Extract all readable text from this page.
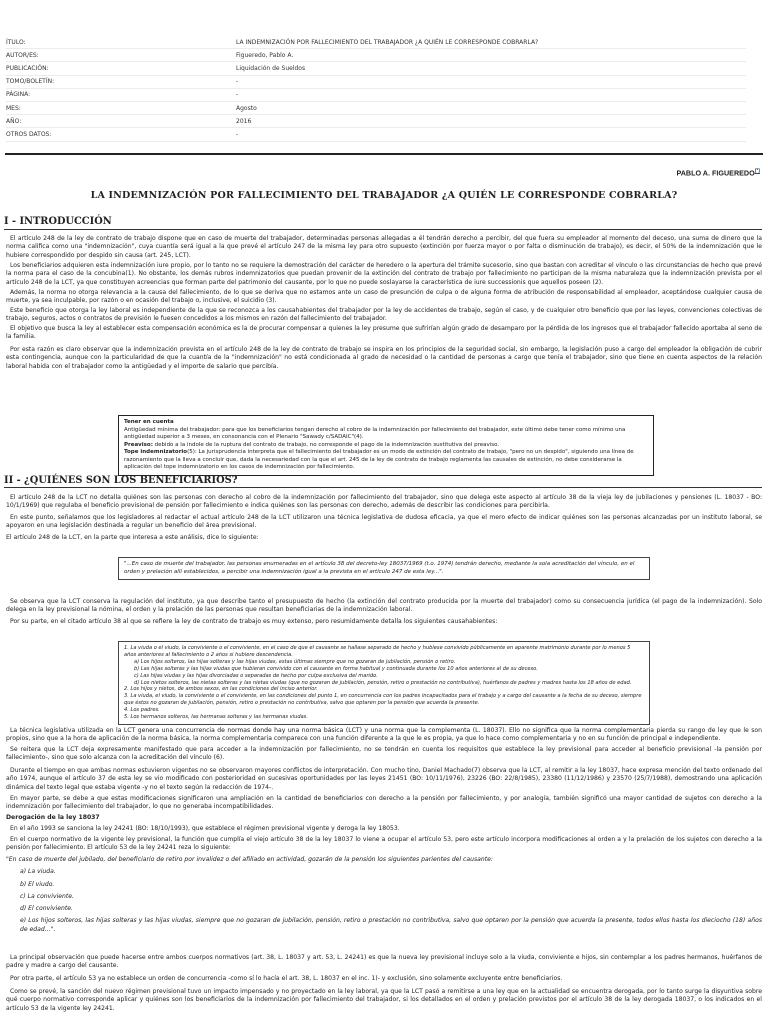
ÍTULO:	LA INDEMNIZACIÓN POR FALLECIMIENTO DEL TRABAJADOR ¿A QUIÉN LE CORRESPONDE COBRARLA?
AUTOR/ES:	Figueredo, Pablo A.
PUBLICACIÓN:	Liquidación de Sueldos
TOMO/BOLETÍN:	-
PÁGINA:	-
MES:	Agosto
AÑO:	2016
OTROS DATOS:	-
PABLO A. FIGUEREDO(*)
LA INDEMNIZACIÓN POR FALLECIMIENTO DEL TRABAJADOR ¿A QUIÉN LE CORRESPONDE COBRARLA?
I - INTRODUCCIÓN
El artículo 248 de la ley de contrato de trabajo dispone que en caso de muerte del trabajador, determinadas personas allegadas a él tendrán derecho a percibir, del que fuera su empleador al momento del deceso, una suma de dinero que la norma califica como una "indemnización", cuya cuantía será igual a la que prevé el artículo 247 de la misma ley para otro supuesto (extinción por fuerza mayor o por falta o disminución de trabajo), es decir, el 50% de la indemnización que le hubiere correspondido por despido sin causa (art. 245, LCT).
Los beneficiarios adquieren esta indemnización iure propio, por lo tanto no se requiere la demostración del carácter de heredero o la apertura del trámite sucesorio, sino que bastan con acreditar el vínculo o las circunstancias de hecho que prevé la norma para el caso de la concubina(1). No obstante, los demás rubros indemnizatorios que puedan provenir de la extinción del contrato de trabajo por fallecimiento no participan de la misma naturaleza que la indemnización prevista por el artículo 248 de la LCT, ya que constituyen acreencias que forman parte del patrimonio del causante, por lo que no puede soslayarse la característica de iure successionis que aquellos poseen (2).
Además, la norma no otorga relevancia a la causa del fallecimiento, de lo que se deriva que no estamos ante un caso de presunción de culpa o de alguna forma de atribución de responsabilidad al empleador, aceptándose cualquier causa de muerte, ya sea inculpable, por razón o en ocasión del trabajo o, inclusive, el suicidio (3).
Este beneficio que otorga la ley laboral es independiente de la que se reconozca a los causahabientes del trabajador por la ley de accidentes de trabajo, según el caso, y de cualquier otro beneficio que por las leyes, convenciones colectivas de trabajo, seguros, actos o contratos de previsión le fuesen concedidos a los mismos en razón del fallecimiento del trabajador.
El objetivo que busca la ley al establecer esta compensación económica es la de procurar compensar a quienes la ley presume que sufrirían algún grado de desamparo por la pérdida de los ingresos que el trabajador fallecido aportaba al seno de la familia.
Por esta razón es claro observar que la indemnización prevista en el artículo 248 de la ley de contrato de trabajo se inspira en los principios de la seguridad social, sin embargo, la legislación puso a cargo del empleador la obligación de cubrir esta contingencia, aunque con la particularidad de que la cuantía de la "indemnización" no está condicionada al grado de necesidad o la cantidad de personas a cargo que tenía el trabajador, sino que tiene en cuenta aspectos de la relación laboral habida con el trabajador como la antigüedad y el importe de salario que percibía.
Tener en cuenta
Antigüedad mínima del trabajador: para que los beneficiarios tengan derecho al cobro de la indemnización por fallecimiento del trabajador, este último debe tener como mínimo una antigüedad superior a 3 meses, en consonancia con el Plenario "Sawady c/SADAIC"(4).
Preaviso: debido a la índole de la ruptura del contrato de trabajo, no corresponde el pago de la indemnización sustitutiva del preaviso.
Tope indemnizatorio(5): La jurisprudencia interpreta que el fallecimiento del trabajador es un modo de extinción del contrato de trabajo, "pero no un despido", siguiendo una línea de razonamiento que la lleva a concluir que, dada la necesariedad con la que el art. 245 de la ley de contrato de trabajo reglamenta las causales de extinción, no debe considerarse la aplicación del tope indemnizatorio en los casos de indemnización por fallecimiento.
II - ¿QUIÉNES SON LOS BENEFICIARIOS?
El artículo 248 de la LCT no detalla quiénes son las personas con derecho al cobro de la indemnización por fallecimiento del trabajador, sino que delega este aspecto al artículo 38 de la vieja ley de jubilaciones y pensiones (L. 18037 - BO: 10/1/1969) que regulaba el beneficio previsional de pensión por fallecimiento e indica quiénes son las personas con derecho, además de describir las condiciones para percibirla.
En este punto, señalamos que los legisladores al redactar el actual artículo 248 de la LCT utilizaron una técnica legislativa de dudosa eficacia, ya que el mero efecto de indicar quiénes son las personas alcanzadas por un instituto laboral, se apoyaron en una legislación destinada a regular un beneficio del área previsional.
El artículo 248 de la LCT, en la parte que interesa a este análisis, dice lo siguiente:
"...En caso de muerte del trabajador, las personas enumeradas en el artículo 38 del decreto-ley 18037/1969 (t.o. 1974) tendrán derecho, mediante la sola acreditación del vínculo, en el orden y prelación allí establecidos, a percibir una indemnización igual a la prevista en el artículo 247 de esta ley...".
Se observa que la LCT conserva la regulación del instituto, ya que describe tanto el presupuesto de hecho (la extinción del contrato producida por la muerte del trabajador) como su consecuencia jurídica (el pago de la indemnización). Solo delega en la ley previsional la nómina, el orden y la prelación de las personas que resultan beneficiarias de la indemnización laboral.
Por su parte, en el citado artículo 38 al que se refiere la ley de contrato de trabajo es muy extenso, pero resumidamente detalla los siguientes causahabientes:
1. La viuda o el viudo, la conviviente o el conviviente, en el caso de que el causante se hallase separado de hecho y hubiese convivido públicamente en aparente matrimonio durante por lo menos 5 años anteriores al fallecimiento o 2 años si hubiere descendencia.
a) Los hijos solteros, las hijas solteras y las hijas viudas, estas últimas siempre que no gozaran de jubilación, pensión o retiro.
b) Las hijas solteras y las hijas viudas que hubieran convivido con el causante en forma habitual y continuada durante los 10 años anteriores al de su deceso.
c) Las hijas viudas y las hijas divorciadas o separadas de hecho por culpa exclusiva del marido.
d) Los nietos solteros, las nietas solteras y las nietas viudas (que no gozaran de jubilación, pensión, retiro o prestación no contributiva), huérfanos de padres y madres hasta los 18 años de edad.
2. Los hijos y nietos, de ambos sexos, en las condiciones del inciso anterior.
3. La viuda, el viudo, la conviviente o el conviviente, en las condiciones del punto 1, en concurrencia con los padres incapacitados para el trabajo y a cargo del causante a la fecha de su deceso, siempre que éstos no gozaran de jubilación, pensión, retiro o prestación no contributiva, salvo que optaren por la pensión que acuerda la presente.
4. Los padres.
5. Los hermanos solteros, las hermanas solteras y las hermanas viudas.
La técnica legislativa utilizada en la LCT genera una concurrencia de normas donde hay una norma básica (LCT) y una norma que la complementa (L. 18037). Ello no significa que la norma complementaria pierda su rango de ley que le son propios, sino que a la hora de aplicación de la norma básica, la norma complementaria comparece con una función diferente a la que le es propia, ya que lo hace como complementaria y no en su función de principal e independiente.
Se reitera que la LCT deja expresamente manifestado que para acceder a la indemnización por fallecimiento, no se tendrán en cuenta los requisitos que establece la ley previsional para acceder al beneficio previsional -la pensión por fallecimiento-, sino que solo alcanza con la acreditación del vínculo (6).
Durante el tiempo en que ambas normas estuvieron vigentes no se observaron mayores conflictos de interpretación. Con mucho tino, Daniel Machado(7) observa que la LCT, al remitir a la ley 18037, hace expresa mención del texto ordenado del año 1974, aunque el artículo 37 de esta ley se vio modificado con posterioridad en sucesivas oportunidades por las leyes 21451 (BO: 10/11/1976), 23226 (BO: 22/8/1985), 23380 (11/12/1986) y 23570 (25/7/1988), demostrando una aplicación dinámica del texto legal que estaba vigente -y no el texto según la redacción de 1974-.
En mayor parte, se debe a que estas modificaciones significaron una ampliación en la cantidad de beneficiarios con derecho a la pensión por fallecimiento, y por analogía, también significó una mayor cantidad de sujetos con derecho a la indemnización por fallecimiento del trabajador, lo que no generaba incompatibilidades.
Derogación de la ley 18037
En el año 1993 se sanciona la ley 24241 (BO: 18/10/1993), que establece el régimen previsional vigente y deroga la ley 18053.
En el cuerpo normativo de la vigente ley previsional, la función que cumplía el viejo artículo 38 de la ley 18037 lo viene a ocupar el artículo 53, pero este artículo incorpora modificaciones al orden a y la prelación de los sujetos con derecho a la pensión por fallecimiento. El artículo 53 de la ley 24241 reza lo siguiente:
"En caso de muerte del jubilado, del beneficiario de retiro por invalidez o del afiliado en actividad, gozarán de la pensión los siguientes parientes del causante:
a) La viuda.
b) El viudo.
c) La conviviente.
d) El conviviente.
e) Los hijos solteros, las hijas solteras y las hijas viudas, siempre que no gozaran de jubilación, pensión, retiro o prestación no contributiva, salvo que optaren por la pensión que acuerda la presente, todos ellos hasta los dieciocho (18) años de edad...".
La principal observación que puede hacerse entre ambos cuerpos normativos (art. 38, L. 18037 y art. 53, L. 24241) es que la nueva ley previsional incluye solo a la viuda, conviviente e hijos, sin contemplar a los padres hermanos, huérfanos de padre y madre a cargo del causante.
Por otra parte, el artículo 53 ya no establece un orden de concurrencia -como sí lo hacía el art. 38, L. 18037 en el inc. 1)- y exclusión, sino solamente excluyente entre beneficiarios.
Como se prevé, la sanción del nuevo régimen previsional tuvo un impacto impensado y no proyectado en la ley laboral, ya que la LCT pasó a remitirse a una ley que en la actualidad se encuentra derogada, por lo tanto surge la disyuntiva sobre qué cuerpo normativo corresponde aplicar y quiénes son los beneficiarios de la indemnización por fallecimiento del trabajador, si los detallados en el orden y prelación previstos por el artículo 38 de la ley derogada 18037, o los indicados en el artículo 53 de la vigente ley 24241.
